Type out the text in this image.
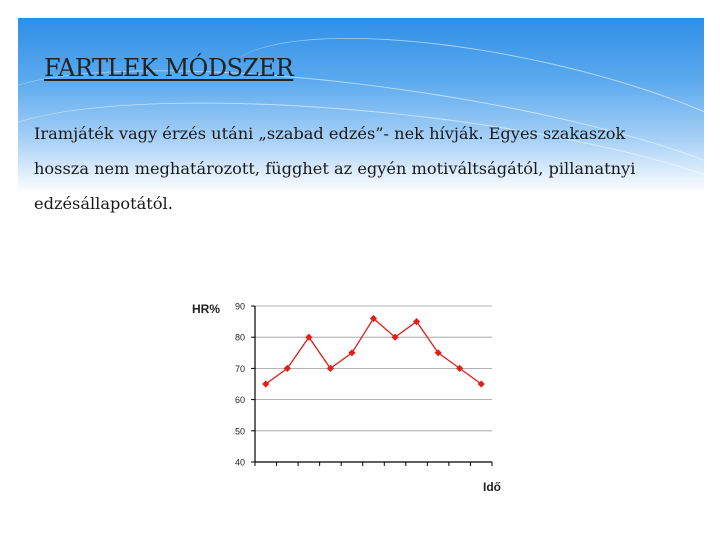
FARTLEK MÓDSZER
Iramjáték vagy érzés utáni „szabad edzés”- nek hívják. Egyes szakaszok hossza nem meghatározott, függhet az egyén motiváltságától, pillanatnyi edzésállapotától.
HR%
Idő
40
50
60
70
80
90
